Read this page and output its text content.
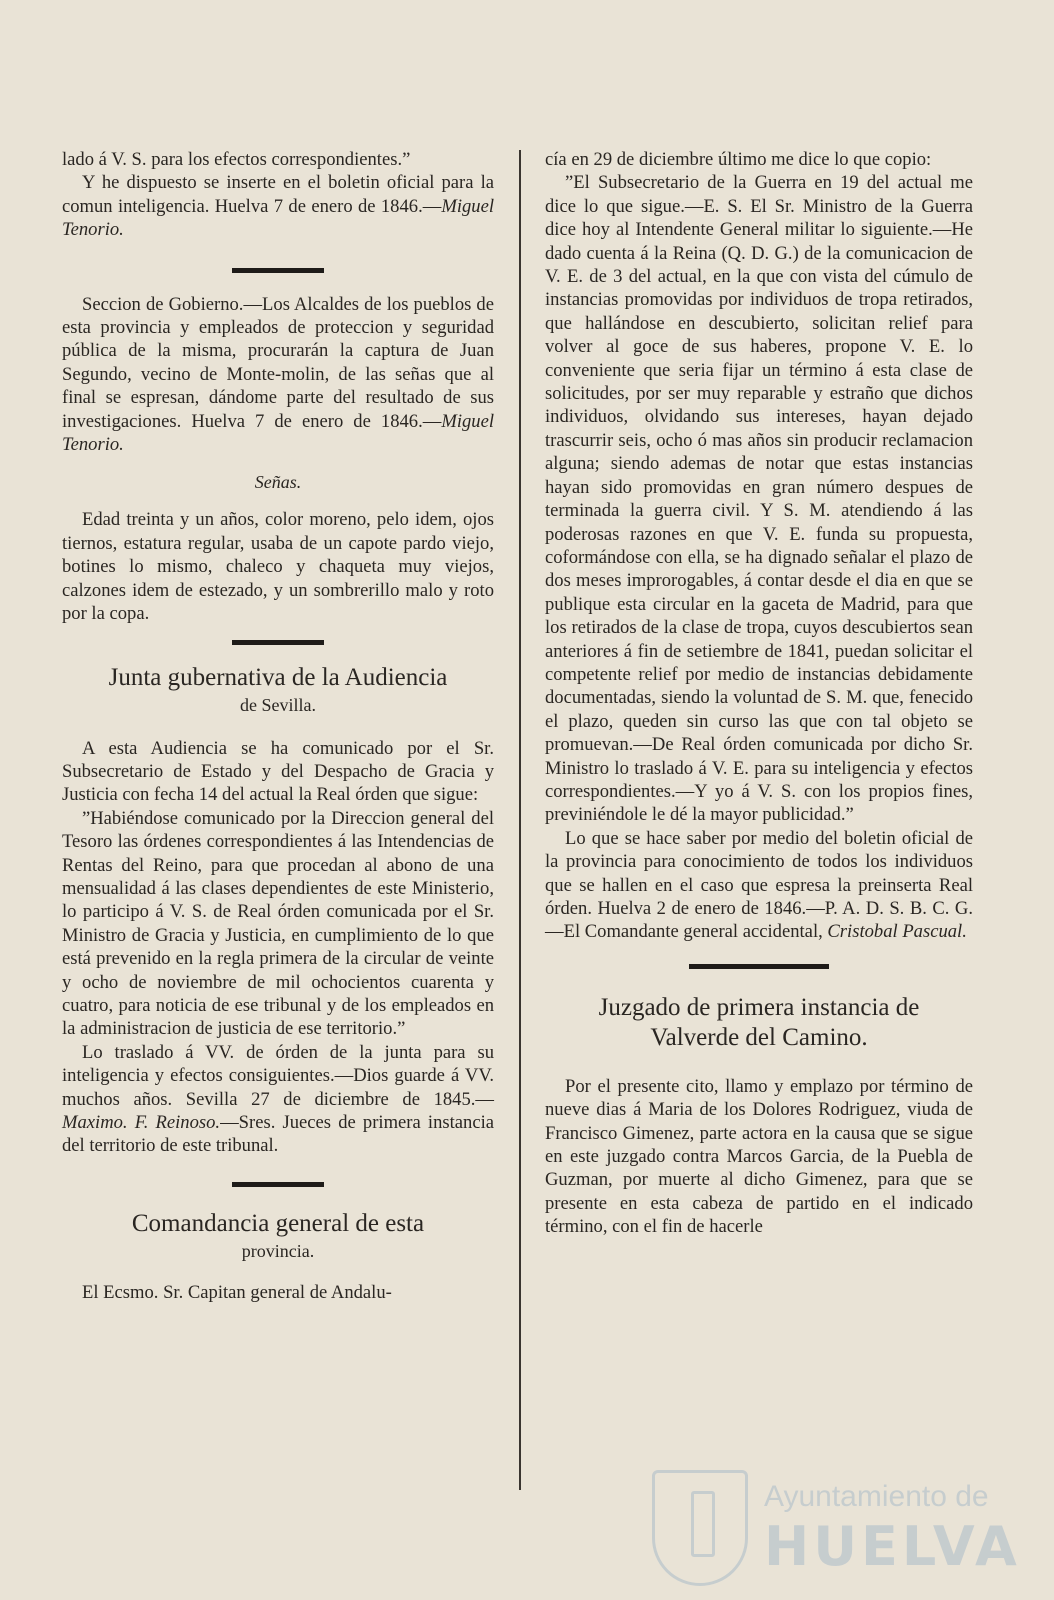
lado á V. S. para los efectos correspondientes.”

Y he dispuesto se inserte en el boletin oficial para la comun inteligencia. Huelva 7 de enero de 1846.—Miguel Tenorio.

Seccion de Gobierno.—Los Alcaldes de los pueblos de esta provincia y empleados de proteccion y seguridad pública de la misma, procurarán la captura de Juan Segundo, vecino de Monte-molin, de las señas que al final se espresan, dándome parte del resultado de sus investigaciones. Huelva 7 de enero de 1846.—Miguel Tenorio.

Señas.

Edad treinta y un años, color moreno, pelo idem, ojos tiernos, estatura regular, usaba de un capote pardo viejo, botines lo mismo, chaleco y chaqueta muy viejos, calzones idem de estezado, y un sombrerillo malo y roto por la copa.

Junta gubernativa de la Audiencia
de Sevilla.

A esta Audiencia se ha comunicado por el Sr. Subsecretario de Estado y del Despacho de Gracia y Justicia con fecha 14 del actual la Real órden que sigue:

”Habiéndose comunicado por la Direccion general del Tesoro las órdenes correspondientes á las Intendencias de Rentas del Reino, para que procedan al abono de una mensualidad á las clases dependientes de este Ministerio, lo participo á V. S. de Real órden comunicada por el Sr. Ministro de Gracia y Justicia, en cumplimiento de lo que está prevenido en la regla primera de la circular de veinte y ocho de noviembre de mil ochocientos cuarenta y cuatro, para noticia de ese tribunal y de los empleados en la administracion de justicia de ese territorio.”

Lo traslado á VV. de órden de la junta para su inteligencia y efectos consiguientes.—Dios guarde á VV. muchos años. Sevilla 27 de diciembre de 1845.—Maximo. F. Reinoso.—Sres. Jueces de primera instancia del territorio de este tribunal.

Comandancia general de esta
provincia.

El Ecsmo. Sr. Capitan general de Andalu-

cía en 29 de diciembre último me dice lo que copio:

”El Subsecretario de la Guerra en 19 del actual me dice lo que sigue.—E. S. El Sr. Ministro de la Guerra dice hoy al Intendente General militar lo siguiente.—He dado cuenta á la Reina (Q. D. G.) de la comunicacion de V. E. de 3 del actual, en la que con vista del cúmulo de instancias promovidas por individuos de tropa retirados, que hallándose en descubierto, solicitan relief para volver al goce de sus haberes, propone V. E. lo conveniente que seria fijar un término á esta clase de solicitudes, por ser muy reparable y estraño que dichos individuos, olvidando sus intereses, hayan dejado trascurrir seis, ocho ó mas años sin producir reclamacion alguna; siendo ademas de notar que estas instancias hayan sido promovidas en gran número despues de terminada la guerra civil. Y S. M. atendiendo á las poderosas razones en que V. E. funda su propuesta, coformándose con ella, se ha dignado señalar el plazo de dos meses improrogables, á contar desde el dia en que se publique esta circular en la gaceta de Madrid, para que los retirados de la clase de tropa, cuyos descubiertos sean anteriores á fin de setiembre de 1841, puedan solicitar el competente relief por medio de instancias debidamente documentadas, siendo la voluntad de S. M. que, fenecido el plazo, queden sin curso las que con tal objeto se promuevan.—De Real órden comunicada por dicho Sr. Ministro lo traslado á V. E. para su inteligencia y efectos correspondientes.—Y yo á V. S. con los propios fines, previniéndole le dé la mayor publicidad.”

Lo que se hace saber por medio del boletin oficial de la provincia para conocimiento de todos los individuos que se hallen en el caso que espresa la preinserta Real órden. Huelva 2 de enero de 1846.—P. A. D. S. B. C. G. —El Comandante general accidental, Cristobal Pascual.

Juzgado de primera instancia de
Valverde del Camino.

Por el presente cito, llamo y emplazo por término de nueve dias á Maria de los Dolores Rodriguez, viuda de Francisco Gimenez, parte actora en la causa que se sigue en este juzgado contra Marcos Garcia, de la Puebla de Guzman, por muerte al dicho Gimenez, para que se presente en esta cabeza de partido en el indicado término, con el fin de hacerle

Ayuntamiento de
HUELVA
